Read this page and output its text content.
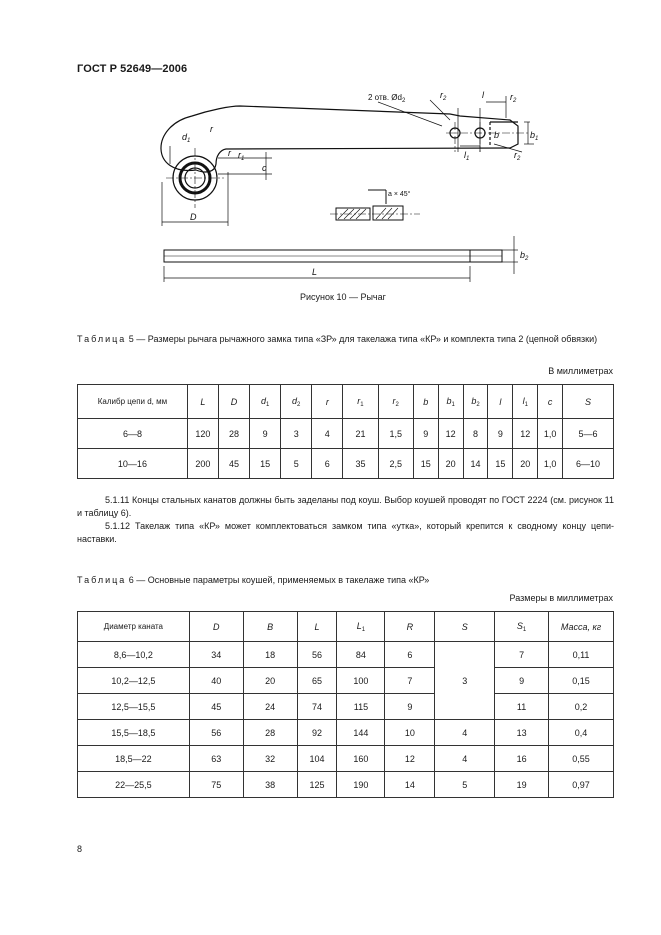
ГОСТ Р 52649—2006
D
L
$d_1$
r
r $r_1$
c
$r_2$	$r_2$
$r_2$
l
$l_1$
b	$b_1$
$b_2$
2 отв. $Ød_2$
a × 45°
Рисунок 10 — Рычаг
Таблица 5 — Размеры рычага рычажного замка типа «ЗР» для такелажа типа «КР» и комплекта типа 2 (цепной обвязки)
В миллиметрах
Калибр цепи d, мм	L	D	$d_1$	$d_2$	r	$r_1$	$r_2$	b	$b_1$	$b_2$	l	$l_1$	c	S
6—8	120	28	9	3	4	21	1,5	9	12	8	9	12	1,0	5—6
10—16	200	45	15	5	6	35	2,5	15	20	14	15	20	1,0	6—10
5.1.11 Концы стальных канатов должны быть заделаны под коуш. Выбор коушей проводят по ГОСТ 2224 (см. рисунок 11 и таблицу 6).
5.1.12 Такелаж типа «КР» может комплектоваться замком типа «утка», который крепится к сводному концу цепи-наставки.
Таблица 6 — Основные параметры коушей, применяемых в такелаже типа «КР»
Размеры в миллиметрах
Диаметр каната	D	B	L	$L_1$	R	S	$S_1$	Масса, кг
8,6—10,2	34	18	56	84	6	3	7	0,11
10,2—12,5	40	20	65	100	7		9	0,15
12,5—15,5	45	24	74	115	9		11	0,2
15,5—18,5	56	28	92	144	10	4	13	0,4
18,5—22	63	32	104	160	12	4	16	0,55
22—25,5	75	38	125	190	14	5	19	0,97
8
